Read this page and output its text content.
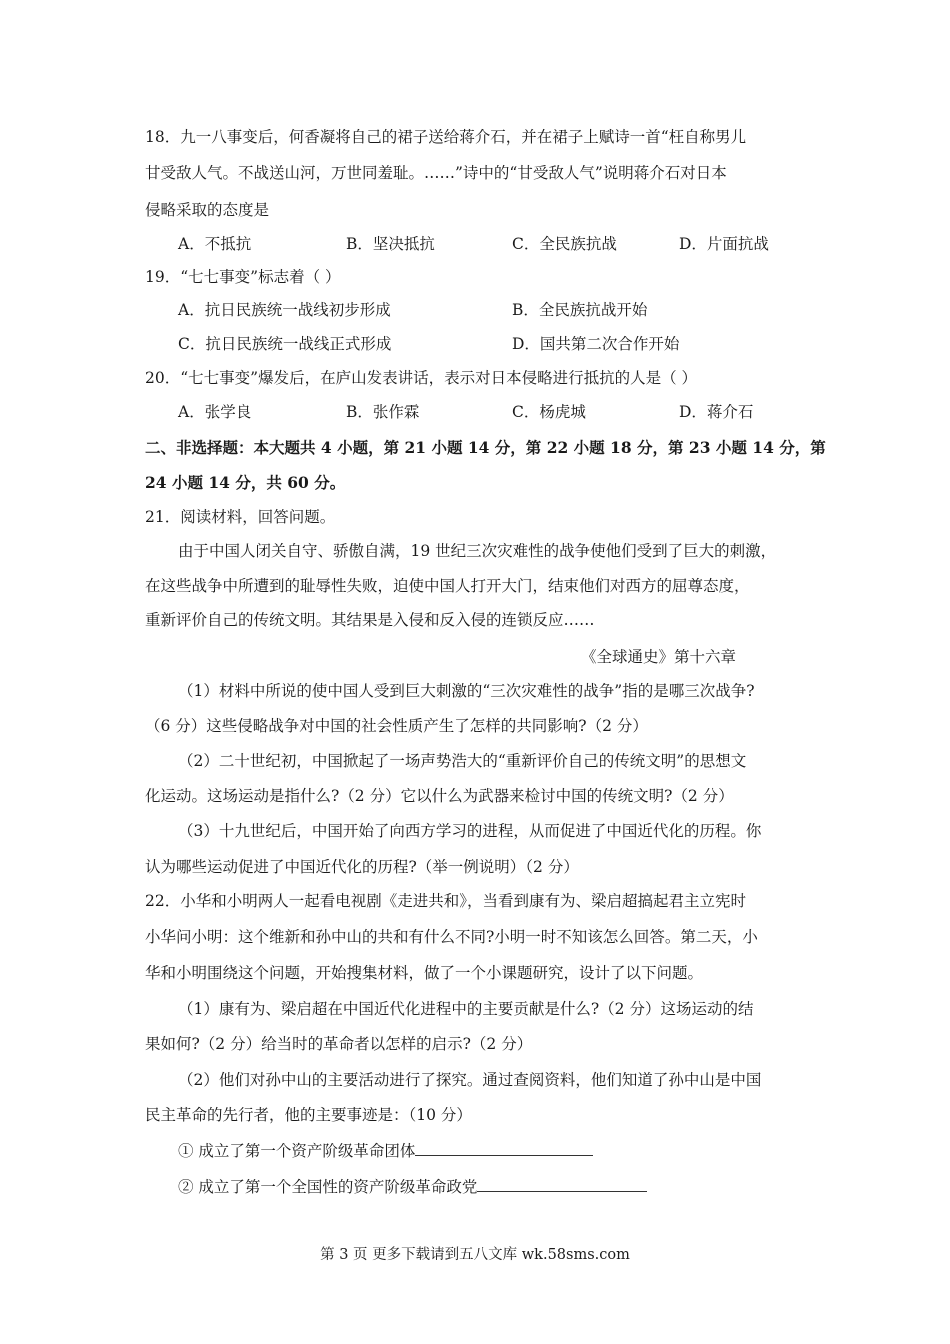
18．九一八事变后，何香凝将自己的裙子送给蒋介石，并在裙子上赋诗一首“枉自称男儿
甘受敌人气。不战送山河，万世同羞耻。……”诗中的“甘受敌人气”说明蒋介石对日本
侵略采取的态度是
A．不抵抗	B．坚决抵抗	C．全民族抗战	D．片面抗战
19．“七七事变”标志着（ ）
A．抗日民族统一战线初步形成	B．全民族抗战开始
C．抗日民族统一战线正式形成	D．国共第二次合作开始
20．“七七事变”爆发后，在庐山发表讲话，表示对日本侵略进行抵抗的人是（ ）
A．张学良	B．张作霖	C．杨虎城	D．蒋介石
二、非选择题：本大题共 4 小题，第 21 小题 14 分，第 22 小题 18 分，第 23 小题 14 分，第
24 小题 14 分，共 60 分。
21．阅读材料，回答问题。
由于中国人闭关自守、骄傲自满，19 世纪三次灾难性的战争使他们受到了巨大的刺激，
在这些战争中所遭到的耻辱性失败，迫使中国人打开大门，结束他们对西方的屈尊态度，
重新评价自己的传统文明。其结果是入侵和反入侵的连锁反应……
《全球通史》第十六章
（1）材料中所说的使中国人受到巨大刺激的“三次灾难性的战争”指的是哪三次战争?
（6 分）这些侵略战争对中国的社会性质产生了怎样的共同影响?（2 分）
（2）二十世纪初，中国掀起了一场声势浩大的“重新评价自己的传统文明”的思想文
化运动。这场运动是指什么?（2 分）它以什么为武器来检讨中国的传统文明?（2 分）
（3）十九世纪后，中国开始了向西方学习的进程，从而促进了中国近代化的历程。你
认为哪些运动促进了中国近代化的历程?（举一例说明）（2 分）
22．小华和小明两人一起看电视剧《走进共和》，当看到康有为、梁启超搞起君主立宪时
小华问小明：这个维新和孙中山的共和有什么不同?小明一时不知该怎么回答。第二天，小
华和小明围绕这个问题，开始搜集材料，做了一个小课题研究，设计了以下问题。
（1）康有为、梁启超在中国近代化进程中的主要贡献是什么?（2 分）这场运动的结
果如何?（2 分）给当时的革命者以怎样的启示?（2 分）
（2）他们对孙中山的主要活动进行了探究。通过查阅资料，他们知道了孙中山是中国
民主革命的先行者，他的主要事迹是：（10 分）
① 成立了第一个资产阶级革命团体
② 成立了第一个全国性的资产阶级革命政党
第 3 页 更多下载请到五八文库 wk.58sms.com
